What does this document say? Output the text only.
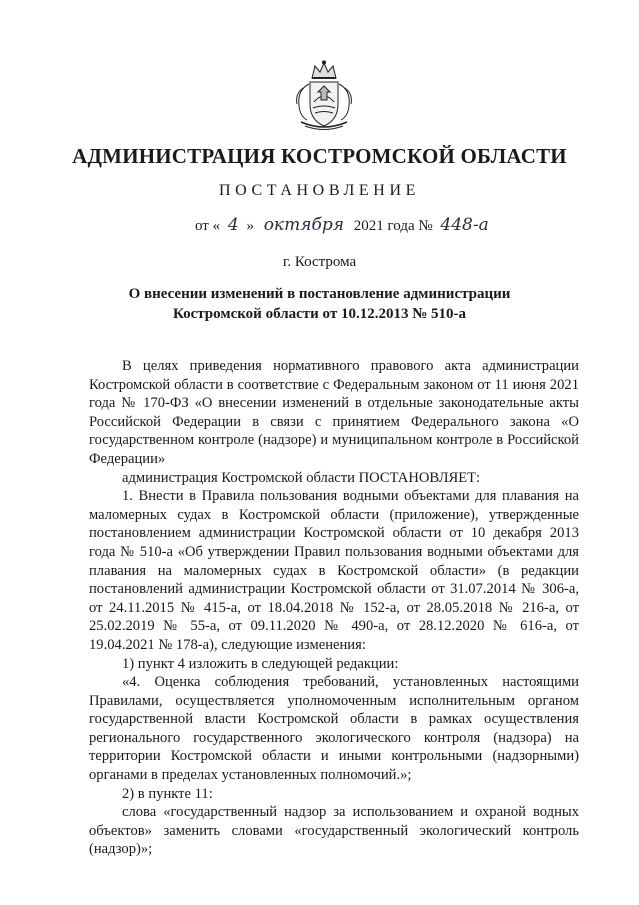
АДМИНИСТРАЦИЯ КОСТРОМСКОЙ ОБЛАСТИ
ПОСТАНОВЛЕНИЕ
от « 4 » октября 2021 года № 448-а
г. Кострома
О внесении изменений в постановление администрации
Костромской области от 10.12.2013 № 510-а

В целях приведения нормативного правового акта администрации Костромской области в соответствие с Федеральным законом от 11 июня 2021 года № 170-ФЗ «О внесении изменений в отдельные законодательные акты Российской Федерации в связи с принятием Федерального закона «О государственном контроле (надзоре) и муниципальном контроле в Российской Федерации»

администрация Костромской области ПОСТАНОВЛЯЕТ:

1. Внести в Правила пользования водными объектами для плавания на маломерных судах в Костромской области (приложение), утвержденные постановлением администрации Костромской области от 10 декабря 2013 года № 510-а «Об утверждении Правил пользования водными объектами для плавания на маломерных судах в Костромской области» (в редакции постановлений администрации Костромской области от 31.07.2014 № 306-а, от 24.11.2015 № 415-а, от 18.04.2018 № 152-а, от 28.05.2018 № 216-а, от 25.02.2019 № 55-а, от 09.11.2020 № 490-а, от 28.12.2020 № 616-а, от 19.04.2021 № 178-а), следующие изменения:

1) пункт 4 изложить в следующей редакции:

«4. Оценка соблюдения требований, установленных настоящими Правилами, осуществляется уполномоченным исполнительным органом государственной власти Костромской области в рамках осуществления регионального государственного экологического контроля (надзора) на территории Костромской области и иными контрольными (надзорными) органами в пределах установленных полномочий.»;

2) в пункте 11:

слова «государственный надзор за использованием и охраной водных объектов» заменить словами «государственный экологический контроль (надзор)»;
